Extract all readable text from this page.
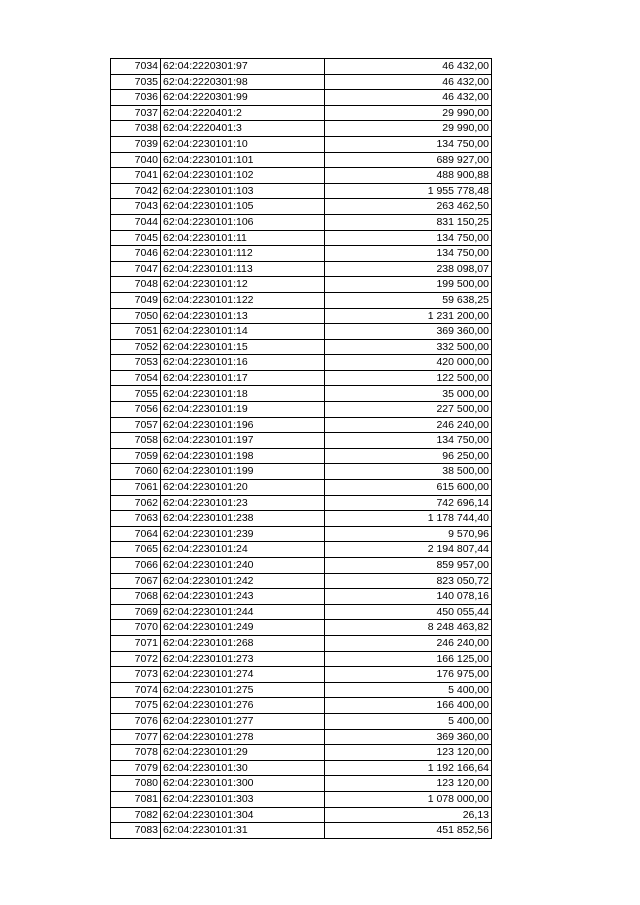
7034	62:04:2220301:97	46 432,00
7035	62:04:2220301:98	46 432,00
7036	62:04:2220301:99	46 432,00
7037	62:04:2220401:2	29 990,00
7038	62:04:2220401:3	29 990,00
7039	62:04:2230101:10	134 750,00
7040	62:04:2230101:101	689 927,00
7041	62:04:2230101:102	488 900,88
7042	62:04:2230101:103	1 955 778,48
7043	62:04:2230101:105	263 462,50
7044	62:04:2230101:106	831 150,25
7045	62:04:2230101:11	134 750,00
7046	62:04:2230101:112	134 750,00
7047	62:04:2230101:113	238 098,07
7048	62:04:2230101:12	199 500,00
7049	62:04:2230101:122	59 638,25
7050	62:04:2230101:13	1 231 200,00
7051	62:04:2230101:14	369 360,00
7052	62:04:2230101:15	332 500,00
7053	62:04:2230101:16	420 000,00
7054	62:04:2230101:17	122 500,00
7055	62:04:2230101:18	35 000,00
7056	62:04:2230101:19	227 500,00
7057	62:04:2230101:196	246 240,00
7058	62:04:2230101:197	134 750,00
7059	62:04:2230101:198	96 250,00
7060	62:04:2230101:199	38 500,00
7061	62:04:2230101:20	615 600,00
7062	62:04:2230101:23	742 696,14
7063	62:04:2230101:238	1 178 744,40
7064	62:04:2230101:239	9 570,96
7065	62:04:2230101:24	2 194 807,44
7066	62:04:2230101:240	859 957,00
7067	62:04:2230101:242	823 050,72
7068	62:04:2230101:243	140 078,16
7069	62:04:2230101:244	450 055,44
7070	62:04:2230101:249	8 248 463,82
7071	62:04:2230101:268	246 240,00
7072	62:04:2230101:273	166 125,00
7073	62:04:2230101:274	176 975,00
7074	62:04:2230101:275	5 400,00
7075	62:04:2230101:276	166 400,00
7076	62:04:2230101:277	5 400,00
7077	62:04:2230101:278	369 360,00
7078	62:04:2230101:29	123 120,00
7079	62:04:2230101:30	1 192 166,64
7080	62:04:2230101:300	123 120,00
7081	62:04:2230101:303	1 078 000,00
7082	62:04:2230101:304	26,13
7083	62:04:2230101:31	451 852,56
